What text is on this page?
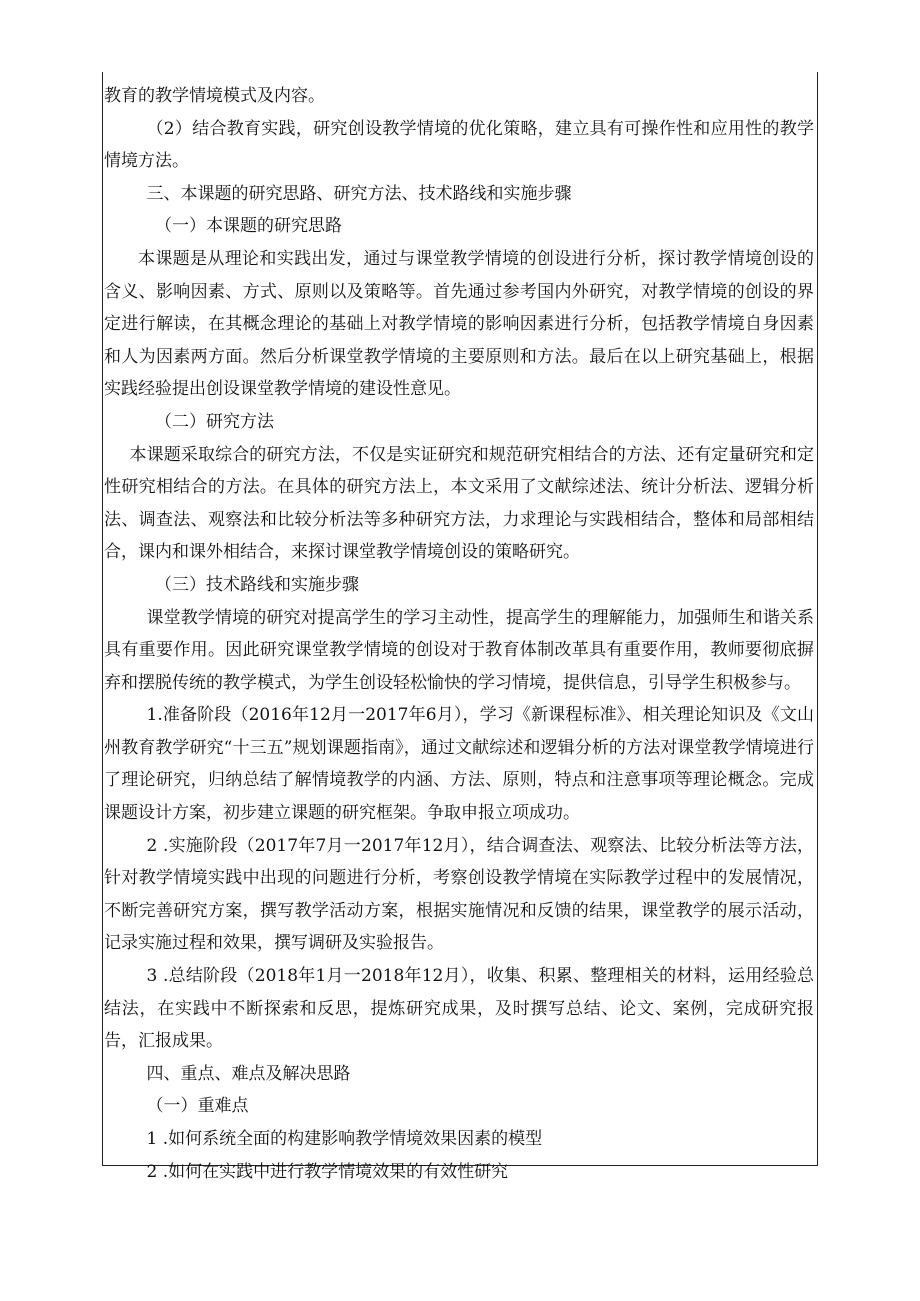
教育的教学情境模式及内容。

（2）结合教育实践，研究创设教学情境的优化策略，建立具有可操作性和应用性的教学情境方法。

三、本课题的研究思路、研究方法、技术路线和实施步骤

（一）本课题的研究思路

本课题是从理论和实践出发，通过与课堂教学情境的创设进行分析，探讨教学情境创设的含义、影响因素、方式、原则以及策略等。首先通过参考国内外研究，对教学情境的创设的界定进行解读，在其概念理论的基础上对教学情境的影响因素进行分析，包括教学情境自身因素和人为因素两方面。然后分析课堂教学情境的主要原则和方法。最后在以上研究基础上，根据实践经验提出创设课堂教学情境的建设性意见。

（二）研究方法

本课题采取综合的研究方法，不仅是实证研究和规范研究相结合的方法、还有定量研究和定性研究相结合的方法。在具体的研究方法上，本文采用了文献综述法、统计分析法、逻辑分析法、调查法、观察法和比较分析法等多种研究方法，力求理论与实践相结合，整体和局部相结合，课内和课外相结合，来探讨课堂教学情境创设的策略研究。

（三）技术路线和实施步骤

课堂教学情境的研究对提高学生的学习主动性，提高学生的理解能力，加强师生和谐关系具有重要作用。因此研究课堂教学情境的创设对于教育体制改革具有重要作用，教师要彻底摒弃和摆脱传统的教学模式，为学生创设轻松愉快的学习情境，提供信息，引导学生积极参与。

1.准备阶段（2016年12月一2017年6月），学习《新课程标准》、相关理论知识及《文山州教育教学研究“十三五”规划课题指南》，通过文献综述和逻辑分析的方法对课堂教学情境进行了理论研究，归纳总结了解情境教学的内涵、方法、原则，特点和注意事项等理论概念。完成课题设计方案，初步建立课题的研究框架。争取申报立项成功。

2 .实施阶段（2017年7月一2017年12月），结合调查法、观察法、比较分析法等方法，针对教学情境实践中出现的问题进行分析，考察创设教学情境在实际教学过程中的发展情况，不断完善研究方案，撰写教学活动方案，根据实施情况和反馈的结果，课堂教学的展示活动，记录实施过程和效果，撰写调研及实验报告。

3 .总结阶段（2018年1月一2018年12月），收集、积累、整理相关的材料，运用经验总结法，在实践中不断探索和反思，提炼研究成果，及时撰写总结、论文、案例，完成研究报告，汇报成果。

四、重点、难点及解决思路

（一）重难点

1 .如何系统全面的构建影响教学情境效果因素的模型

2 .如何在实践中进行教学情境效果的有效性研究
